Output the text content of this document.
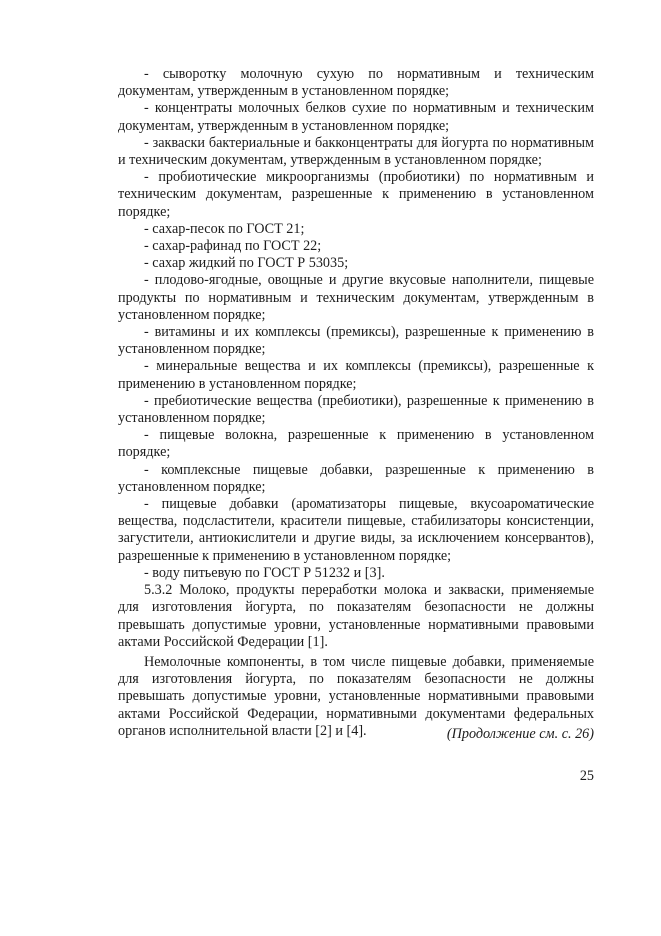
- сыворотку молочную сухую по нормативным и техническим документам, утвержденным в установленном порядке;

- концентраты молочных белков сухие по нормативным и техническим документам, утвержденным в установленном порядке;

- закваски бактериальные и бакконцентраты для йогурта по нормативным и техническим документам, утвержденным в установленном порядке;

- пробиотические микроорганизмы (пробиотики) по нормативным и техническим документам, разрешенные к применению в установленном порядке;

- сахар-песок по ГОСТ 21;

- сахар-рафинад по ГОСТ 22;

- сахар жидкий по ГОСТ Р 53035;

- плодово-ягодные, овощные и другие вкусовые наполнители, пищевые продукты по нормативным и техническим документам, утвержденным в установленном порядке;

- витамины и их комплексы (премиксы), разрешенные к применению в установленном порядке;

- минеральные вещества и их комплексы (премиксы), разрешенные к применению в установленном порядке;

- пребиотические вещества (пребиотики), разрешенные к применению в установленном порядке;

- пищевые волокна, разрешенные к применению в установленном порядке;

- комплексные пищевые добавки, разрешенные к применению в установленном порядке;

- пищевые добавки (ароматизаторы пищевые, вкусоароматические вещества, подсластители, красители пищевые, стабилизаторы консистенции, загустители, антиокислители и другие виды, за исключением консервантов), разрешенные к применению в установленном порядке;

- воду питьевую по ГОСТ Р 51232 и [3].

5.3.2 Молоко, продукты переработки молока и закваски, применяемые для изготовления йогурта, по показателям безопасности не должны превышать допустимые уровни, установленные нормативными правовыми актами Российской Федерации [1].

Немолочные компоненты, в том числе пищевые добавки, применяемые для изготовления йогурта, по показателям безопасности не должны превышать допустимые уровни, установленные нормативными правовыми актами Российской Федерации, нормативными документами федеральных органов исполнительной власти [2] и [4].	(Продолжение см. с. 26)
25
